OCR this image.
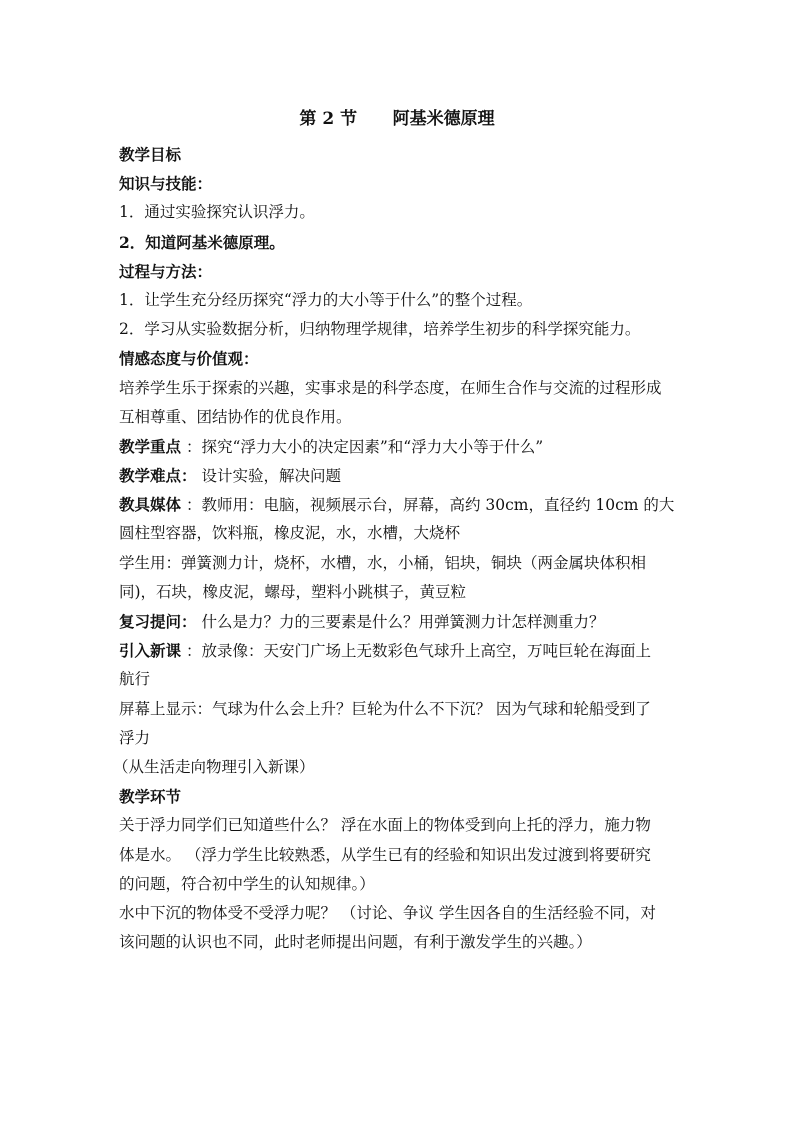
第 2 节      阿基米德原理
教学目标
知识与技能：
1．通过实验探究认识浮力。
2．知道阿基米德原理。
过程与方法：
1．让学生充分经历探究“浮力的大小等于什么”的整个过程。
2．学习从实验数据分析，归纳物理学规律，培养学生初步的科学探究能力。
情感态度与价值观：
培养学生乐于探索的兴趣，实事求是的科学态度，在师生合作与交流的过程形成
互相尊重、团结协作的优良作用。
教学重点 ：探究“浮力大小的决定因素”和“浮力大小等于什么”
教学难点： 设计实验，解决问题
教具媒体 ：教师用：电脑，视频展示台，屏幕，高约 30cm，直径约 10cm 的大
圆柱型容器，饮料瓶，橡皮泥，水，水槽，大烧杯
学生用：弹簧测力计，烧杯，水槽，水，小桶，铝块，铜块（两金属块体积相
同)，石块，橡皮泥，螺母，塑料小跳棋子，黄豆粒
复习提问： 什么是力？力的三要素是什么？用弹簧测力计怎样测重力？
引入新课 ：放录像：天安门广场上无数彩色气球升上高空，万吨巨轮在海面上
航行
屏幕上显示：气球为什么会上升？巨轮为什么不下沉？ 因为气球和轮船受到了
浮力
（从生活走向物理引入新课）
教学环节
关于浮力同学们已知道些什么？ 浮在水面上的物体受到向上托的浮力，施力物
体是水。 （浮力学生比较熟悉，从学生已有的经验和知识出发过渡到将要研究
的问题，符合初中学生的认知规律。）
水中下沉的物体受不受浮力呢？ （讨论、争议 学生因各自的生活经验不同，对
该问题的认识也不同，此时老师提出问题，有利于激发学生的兴趣。）
